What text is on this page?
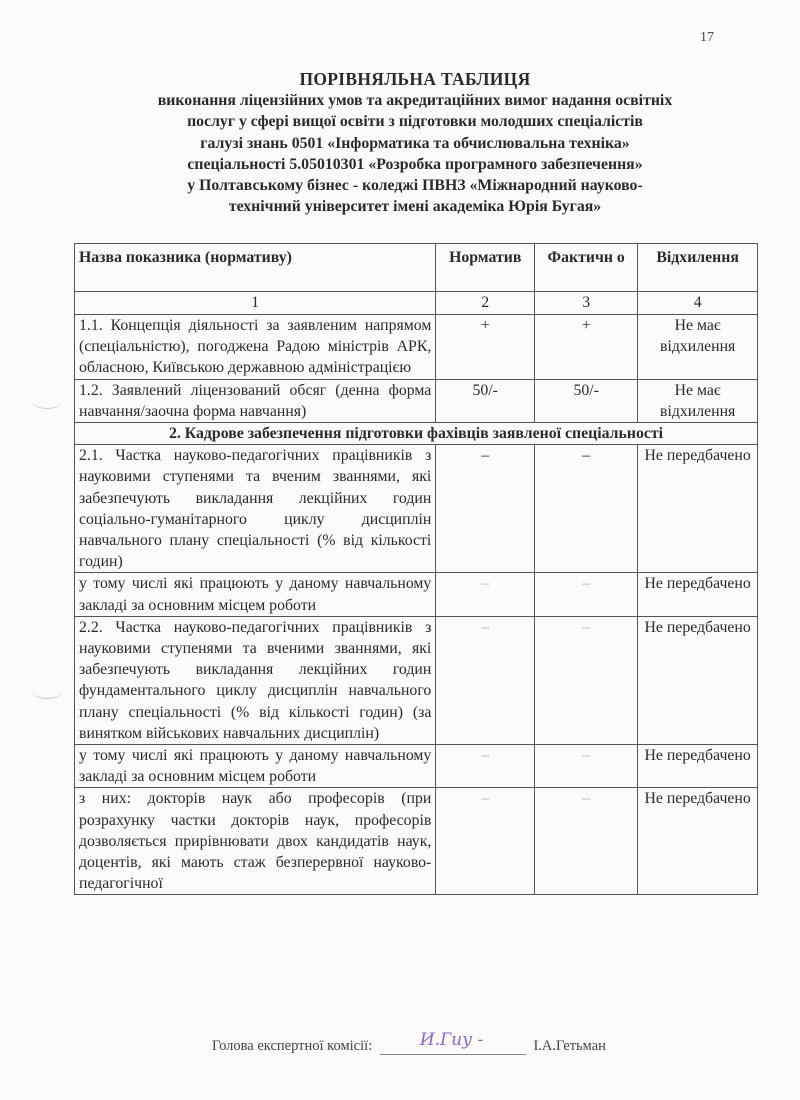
17
ПОРІВНЯЛЬНА ТАБЛИЦЯ
виконання ліцензійних умов та акредитаційних вимог надання освітніх
послуг у сфері вищої освіти з підготовки молодших спеціалістів
галузі знань 0501 «Інформатика та обчислювальна техніка»
спеціальності 5.05010301 «Розробка програмного забезпечення»
у Полтавському бізнес - коледжі ПВНЗ «Міжнародний науково-
технічний університет імені академіка Юрія Бугая»
Назва показника (нормативу)	Норматив	Фактичн о	Відхилення
1	2	3	4
1.1. Концепція діяльності за заявленим напрямом (спеціальністю), погоджена Радою міністрів АРК, обласною, Київською державною адміністрацією	+	+	Не має відхилення
1.2. Заявлений ліцензований обсяг (денна форма навчання/заочна форма навчання)	50/-	50/-	Не має відхилення
2. Кадрове забезпечення підготовки фахівців заявленої спеціальності			
2.1. Частка науково-педагогічних працівників з науковими ступенями та вченим званнями, які забезпечують викладання лекційних годин соціально-гуманітарного циклу дисциплін навчального плану спеціальності (% від кількості годин)	–	–	Не передбачено
у тому числі які працюють у даному навчальному закладі за основним місцем роботи	–	–	Не передбачено
2.2. Частка науково-педагогічних працівників з науковими ступенями та вченими званнями, які забезпечують викладання лекційних годин фундаментального циклу дисциплін навчального плану спеціальності (% від кількості годин) (за винятком військових навчальних дисциплін)	–	–	Не передбачено
у тому числі які працюють у даному навчальному закладі за основним місцем роботи	–	–	Не передбачено
з них: докторів наук або професорів (при розрахунку частки докторів наук, професорів дозволяється прирівнювати двох кандидатів наук, доцентів, які мають стаж безперервної науково-педагогічної	–	–	Не передбачено
Голова експертної комісії:	И.Гиу -	І.А.Гетьман
